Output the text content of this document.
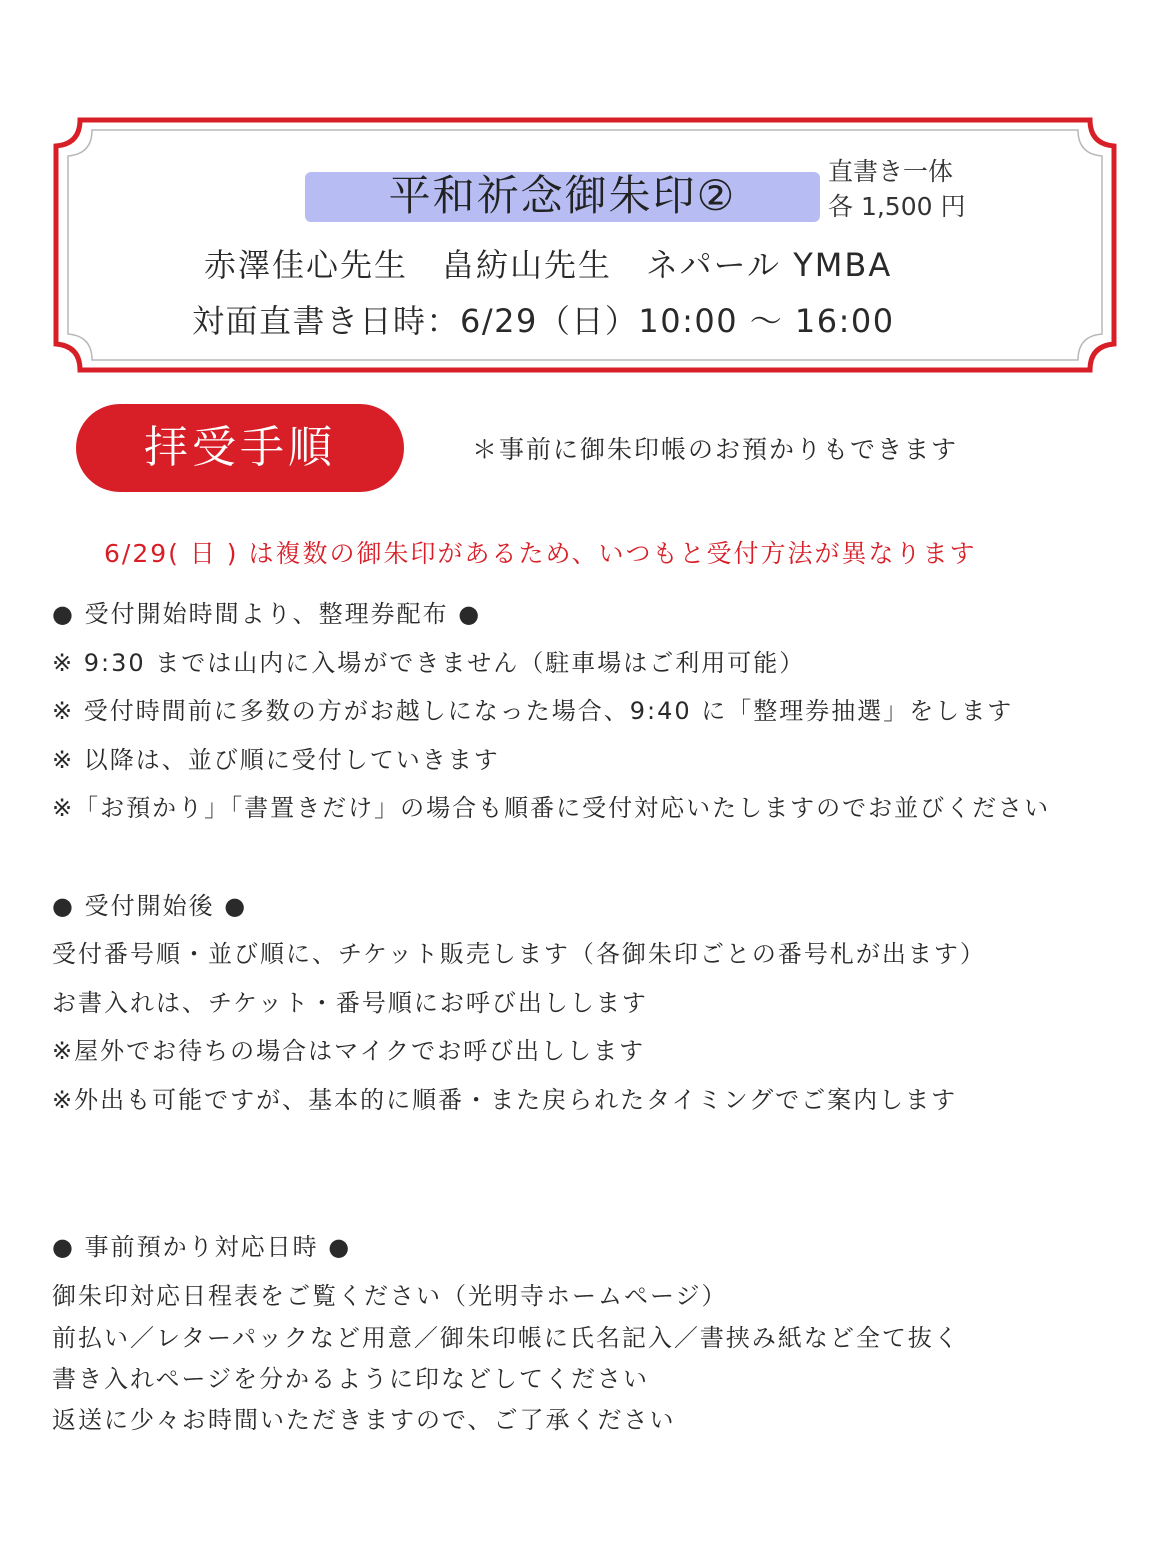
平和祈念御朱印②	直書き一体
各 1,500 円
赤澤佳心先生　畠紡山先生　ネパール YMBA
対面直書き日時：6/29（日）10:00 ～ 16:00
拝受手順	＊事前に御朱印帳のお預かりもできます
6/29( 日 ) は複数の御朱印があるため、いつもと受付方法が異なります
● 受付開始時間より、整理券配布 ●
※ 9:30 までは山内に入場ができません（駐車場はご利用可能）
※ 受付時間前に多数の方がお越しになった場合、9:40 に「整理券抽選」をします
※ 以降は、並び順に受付していきます
※「お預かり」「書置きだけ」の場合も順番に受付対応いたしますのでお並びください
● 受付開始後 ●
受付番号順・並び順に、チケット販売します（各御朱印ごとの番号札が出ます）
お書入れは、チケット・番号順にお呼び出しします
※屋外でお待ちの場合はマイクでお呼び出しします
※外出も可能ですが、基本的に順番・また戻られたタイミングでご案内します
● 事前預かり対応日時 ●
御朱印対応日程表をご覧ください（光明寺ホームページ）
前払い／レターパックなど用意／御朱印帳に氏名記入／書挟み紙など全て抜く
書き入れページを分かるように印などしてください
返送に少々お時間いただきますので、ご了承ください
